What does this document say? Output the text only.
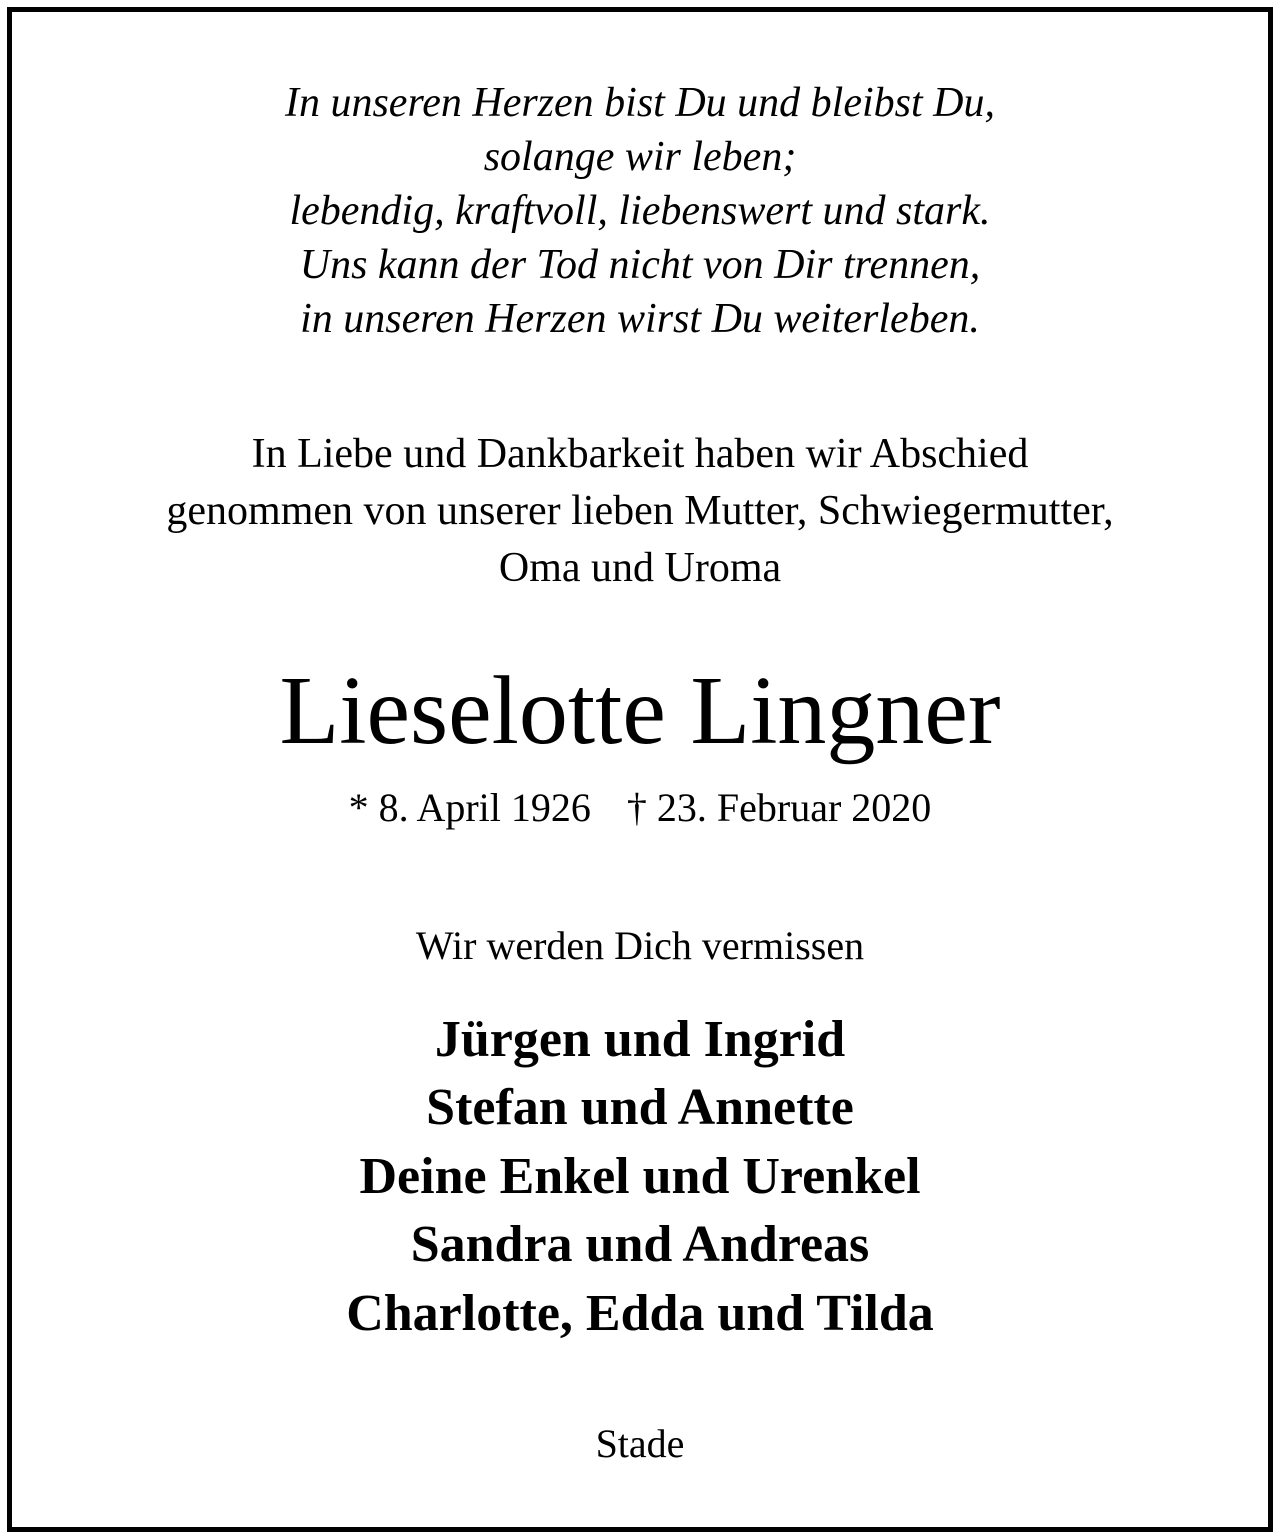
In unseren Herzen bist Du und bleibst Du,
solange wir leben;
lebendig, kraftvoll, liebenswert und stark.
Uns kann der Tod nicht von Dir trennen,
in unseren Herzen wirst Du weiterleben.
In Liebe und Dankbarkeit haben wir Abschied
genommen von unserer lieben Mutter, Schwiegermutter,
Oma und Uroma
Lieselotte Lingner
* 8. April 1926 † 23. Februar 2020
Wir werden Dich vermissen
Jürgen und Ingrid
Stefan und Annette
Deine Enkel und Urenkel
Sandra und Andreas
Charlotte, Edda und Tilda
Stade
